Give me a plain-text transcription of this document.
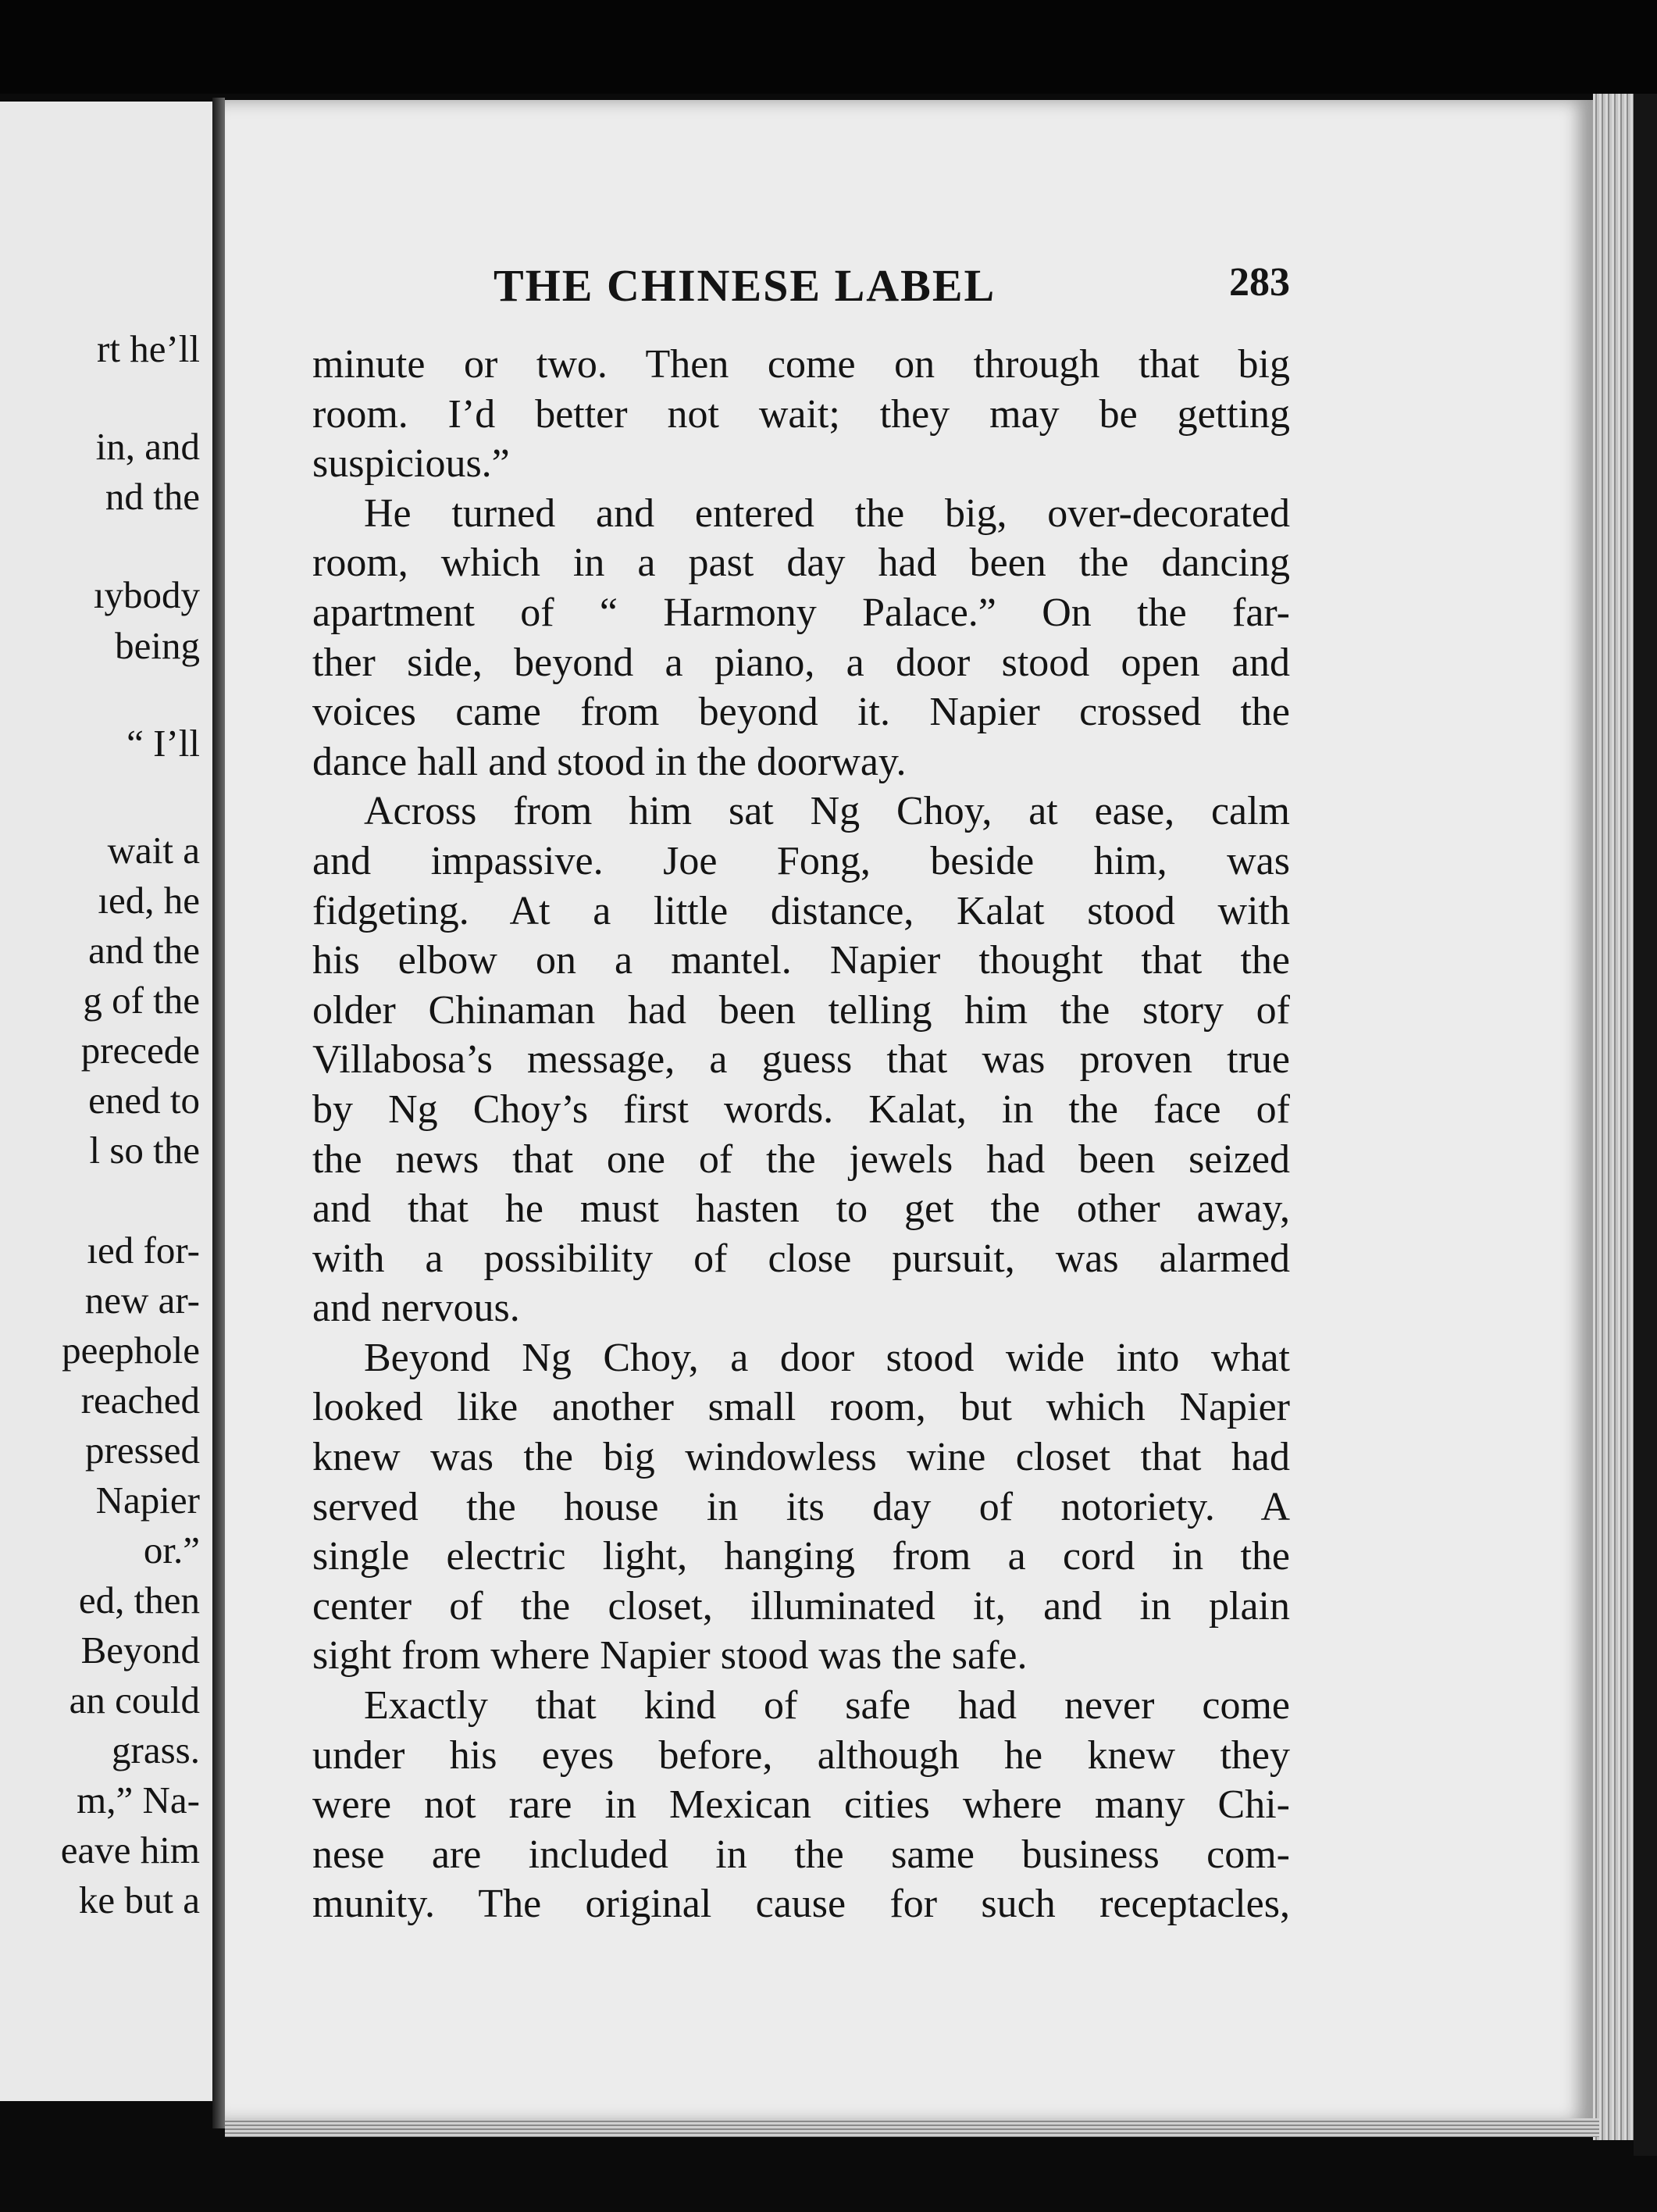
rt he’ll
in, and
nd the
ıybody
being
“ I’ll
wait a
ıed, he
and the
g of the
precede
ened to
l so the
ıed for-
new ar-
peephole
reached
pressed
Napier
or.”
ed, then
Beyond
an could
grass.
m,” Na-
eave him
ke but a
THE CHINESE LABEL	283
minute or two. Then come on through that big
room. I’d better not wait; they may be getting
suspicious.”
He turned and entered the big, over-decorated
room, which in a past day had been the dancing
apartment of “ Harmony Palace.” On the far-
ther side, beyond a piano, a door stood open and
voices came from beyond it. Napier crossed the
dance hall and stood in the doorway.
Across from him sat Ng Choy, at ease, calm
and impassive. Joe Fong, beside him, was
fidgeting. At a little distance, Kalat stood with
his elbow on a mantel. Napier thought that the
older Chinaman had been telling him the story of
Villabosa’s message, a guess that was proven true
by Ng Choy’s first words. Kalat, in the face of
the news that one of the jewels had been seized
and that he must hasten to get the other away,
with a possibility of close pursuit, was alarmed
and nervous.
Beyond Ng Choy, a door stood wide into what
looked like another small room, but which Napier
knew was the big windowless wine closet that had
served the house in its day of notoriety. A
single electric light, hanging from a cord in the
center of the closet, illuminated it, and in plain
sight from where Napier stood was the safe.
Exactly that kind of safe had never come
under his eyes before, although he knew they
were not rare in Mexican cities where many Chi-
nese are included in the same business com-
munity. The original cause for such receptacles,
